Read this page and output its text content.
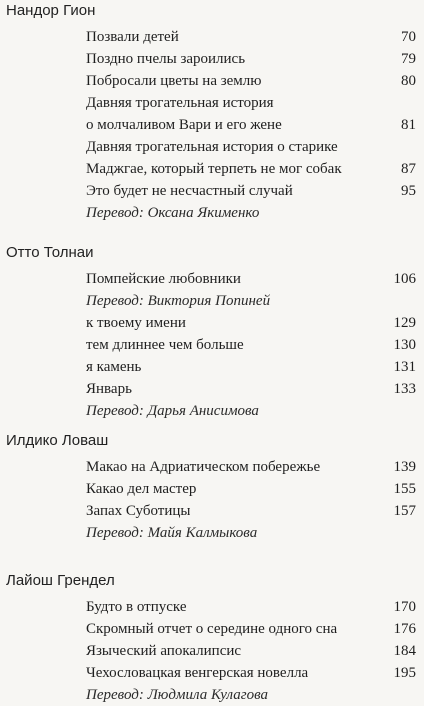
Нандор Гион
Позвали детей	70
Поздно пчелы зароились	79
Побросали цветы на землю	80
Давняя трогательная история
о молчаливом Вари и его жене	81
Давняя трогательная история о старике
Маджгае, который терпеть не мог собак	87
Это будет не несчастный случай	95
Перевод: Оксана Якименко
Отто Толнаи
Помпейские любовники	106
Перевод: Виктория Попиней
к твоему имени	129
тем длиннее чем больше	130
я камень	131
Январь	133
Перевод: Дарья Анисимова
Илдико Ловаш
Макао на Адриатическом побережье	139
Какао дел мастер	155
Запах Суботицы	157
Перевод: Майя Калмыкова
Лайош Грендел
Будто в отпуске	170
Скромный отчет о середине одного сна	176
Языческий апокалипсис	184
Чехословацкая венгерская новелла	195
Перевод: Людмила Кулагова
